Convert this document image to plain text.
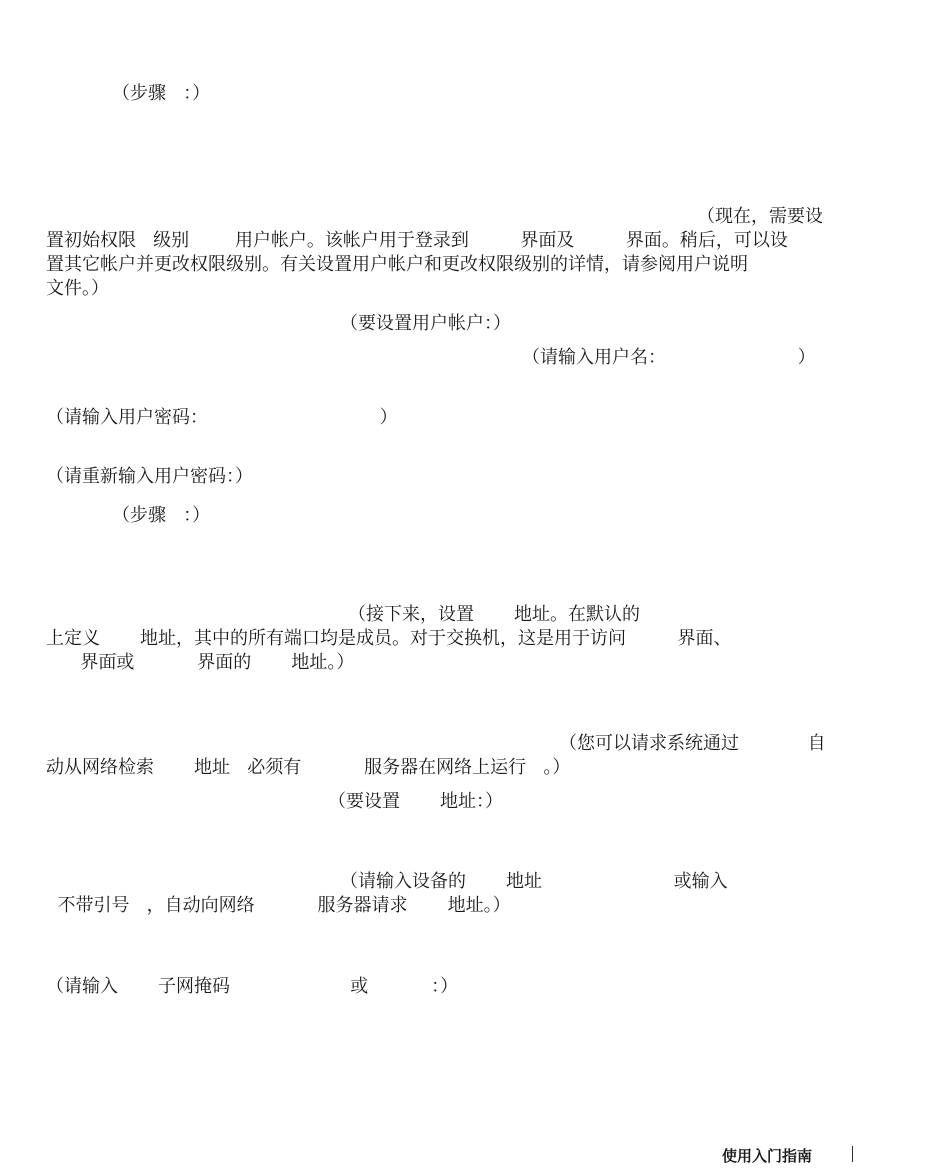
（步骤   ：）

（现在，需要设

置初始权限   级别        用户帐户。该帐户用于登录到         界面及         界面。稍后，可以设

置其它帐户并更改权限级别。有关设置用户帐户和更改权限级别的详情，请参阅用户说明

文件。）

（要设置用户帐户：）

（请输入用户名：                       ）

（请输入用户密码：                              ）

（请重新输入用户密码：）

（步骤   ：）

（接下来，设置       地址。在默认的

上定义       地址，其中的所有端口均是成员。对于交换机，这是用于访问         界面、

界面或           界面的       地址。）

（您可以请求系统通过            自

动从网络检索       地址   必须有           服务器在网络上运行   。）

（要设置       地址：）

（请输入设备的       地址                       或输入

不带引号   ，自动向网络           服务器请求       地址。）

（请输入       子网掩码                     或           ：）

使用入门指南
